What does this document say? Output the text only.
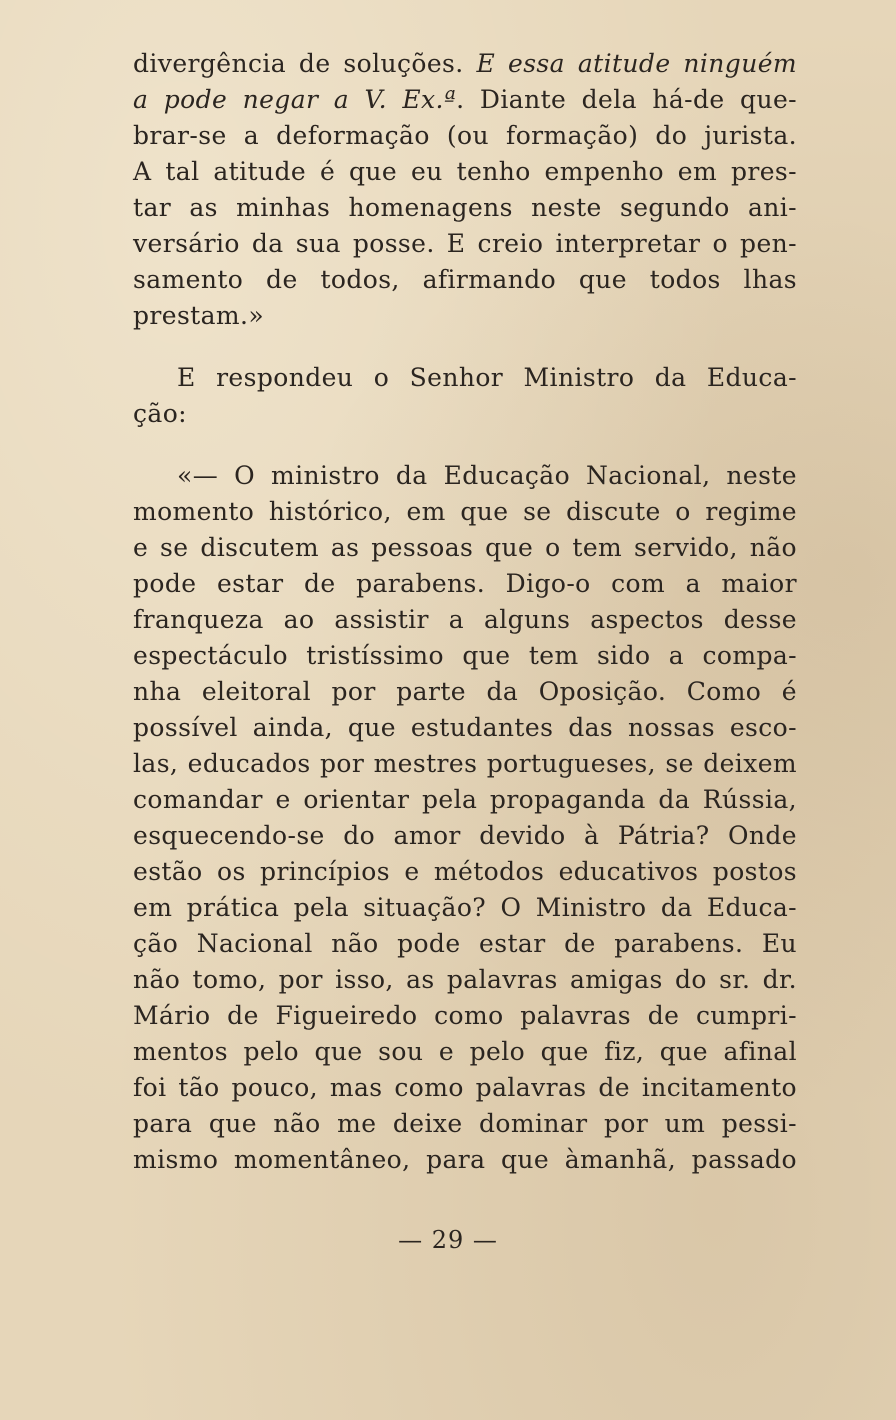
divergência de soluções. E essa atitude ninguém
a pode negar a V. Ex.ª. Diante dela há-de que-
brar-se a deformação (ou formação) do jurista.
A tal atitude é que eu tenho empenho em pres-
tar as minhas homenagens neste segundo ani-
versário da sua posse. E creio interpretar o pen-
samento de todos, afirmando que todos lhas
prestam.»
E respondeu o Senhor Ministro da Educa-
ção:
«— O ministro da Educação Nacional, neste
momento histórico, em que se discute o regime
e se discutem as pessoas que o tem servido, não
pode estar de parabens. Digo-o com a maior
franqueza ao assistir a alguns aspectos desse
espectáculo tristíssimo que tem sido a compa-
nha eleitoral por parte da Oposição. Como é
possível ainda, que estudantes das nossas esco-
las, educados por mestres portugueses, se deixem
comandar e orientar pela propaganda da Rússia,
esquecendo-se do amor devido à Pátria? Onde
estão os princípios e métodos educativos postos
em prática pela situação? O Ministro da Educa-
ção Nacional não pode estar de parabens. Eu
não tomo, por isso, as palavras amigas do sr. dr.
Mário de Figueiredo como palavras de cumpri-
mentos pelo que sou e pelo que fiz, que afinal
foi tão pouco, mas como palavras de incitamento
para que não me deixe dominar por um pessi-
mismo momentâneo, para que àmanhã, passado
— 29 —
